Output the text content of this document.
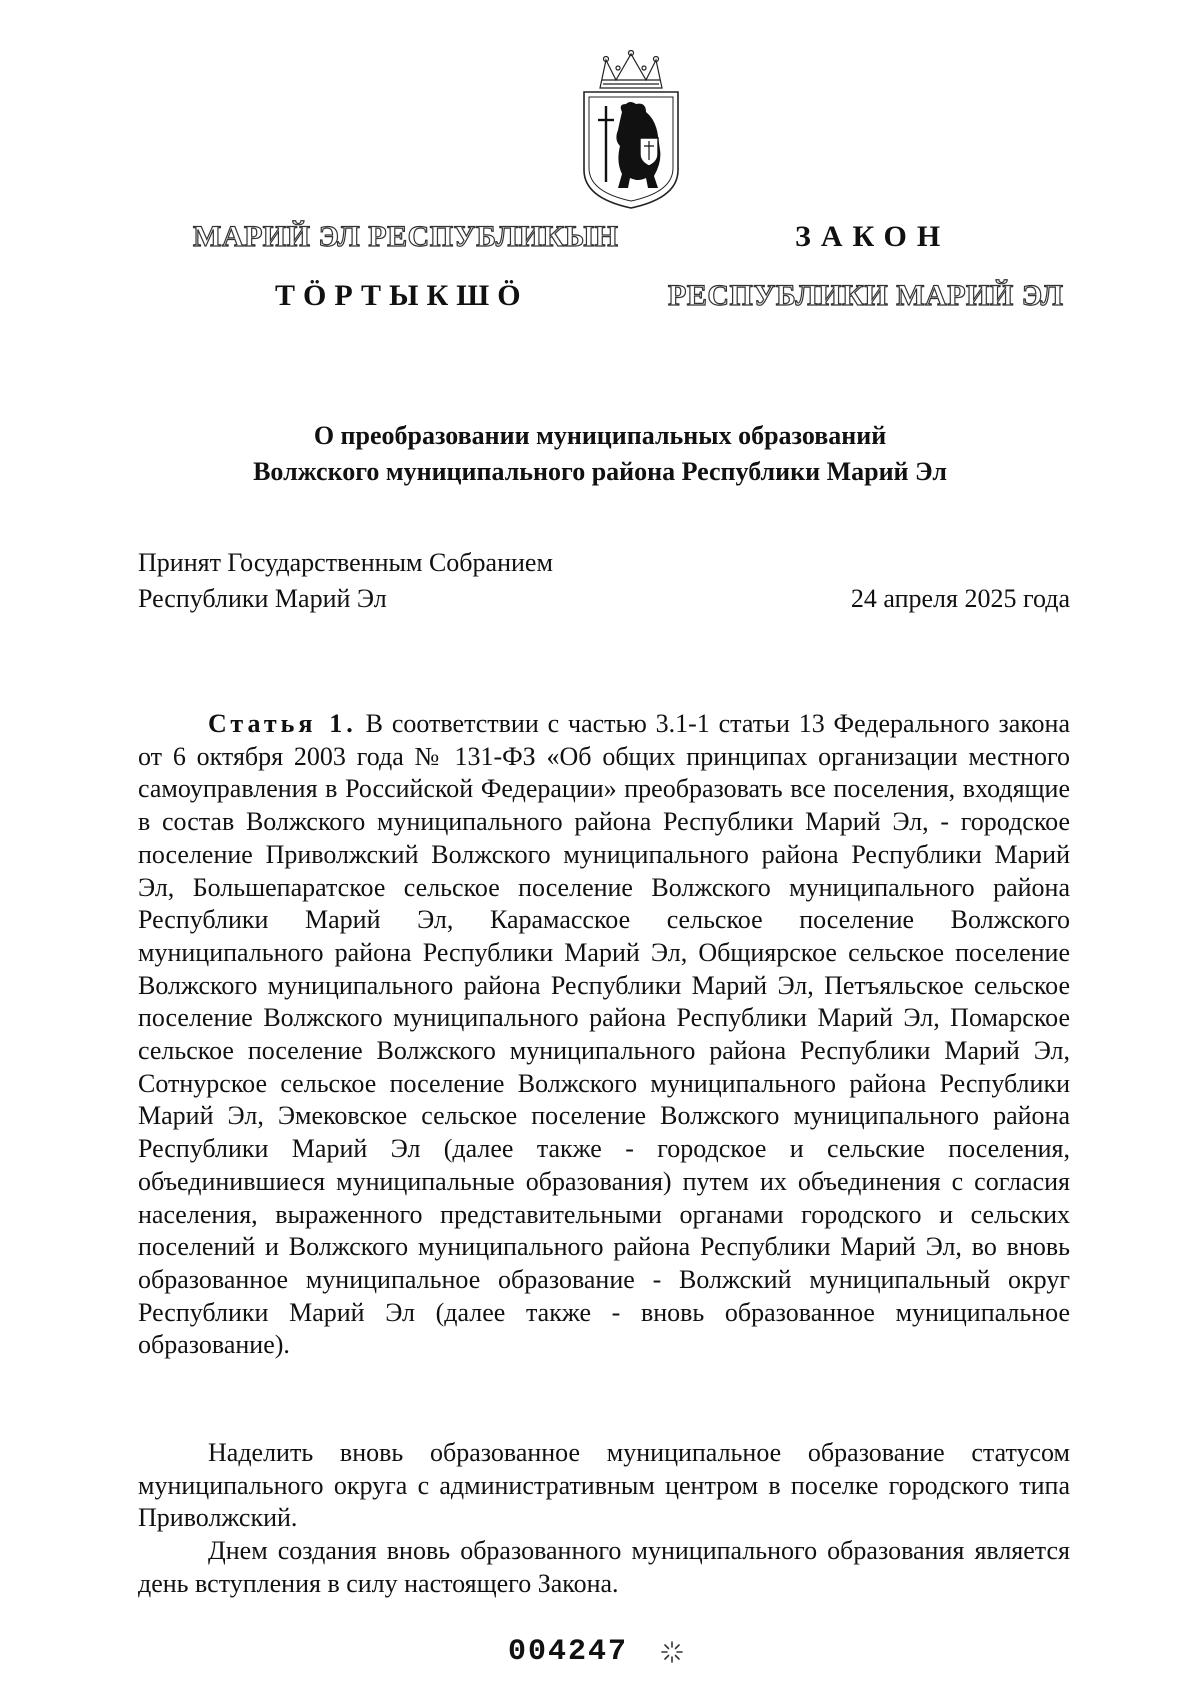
МАРИЙ ЭЛ РЕСПУБЛИКЫН
ТӦРТЫКШӦ
ЗАКОН
РЕСПУБЛИКИ МАРИЙ ЭЛ
О преобразовании муниципальных образований
Волжского муниципального района Республики Марий Эл
Принят Государственным Собранием
Республики Марий Эл	24 апреля 2025 года
Статья 1. В соответствии с частью 3.1-1 статьи 13 Федерального закона от 6 октября 2003 года № 131-ФЗ «Об общих принципах организации местного самоуправления в Российской Федерации» преобразовать все поселения, входящие в состав Волжского муниципального района Республики Марий Эл, - городское поселение Приволжский Волжского муниципального района Республики Марий Эл, Большепаратское сельское поселение Волжского муниципального района Республики Марий Эл, Карамасское сельское поселение Волжского муниципального района Республики Марий Эл, Общиярское сельское поселение Волжского муниципального района Республики Марий Эл, Петъяльское сельское поселение Волжского муниципального района Республики Марий Эл, Помарское сельское поселение Волжского муниципального района Республики Марий Эл, Сотнурское сельское поселение Волжского муниципального района Республики Марий Эл, Эмековское сельское поселение Волжского муниципального района Республики Марий Эл (далее также - городское и сельские поселения, объединившиеся муниципальные образования) путем их объединения с согласия населения, выраженного представительными органами городского и сельских поселений и Волжского муниципального района Республики Марий Эл, во вновь образованное муниципальное образование - Волжский муниципальный округ Республики Марий Эл (далее также - вновь образованное муниципальное образование).
Наделить вновь образованное муниципальное образование статусом муниципального округа с административным центром в поселке городского типа Приволжский.
Днем создания вновь образованного муниципального образования является день вступления в силу настоящего Закона.
004247
